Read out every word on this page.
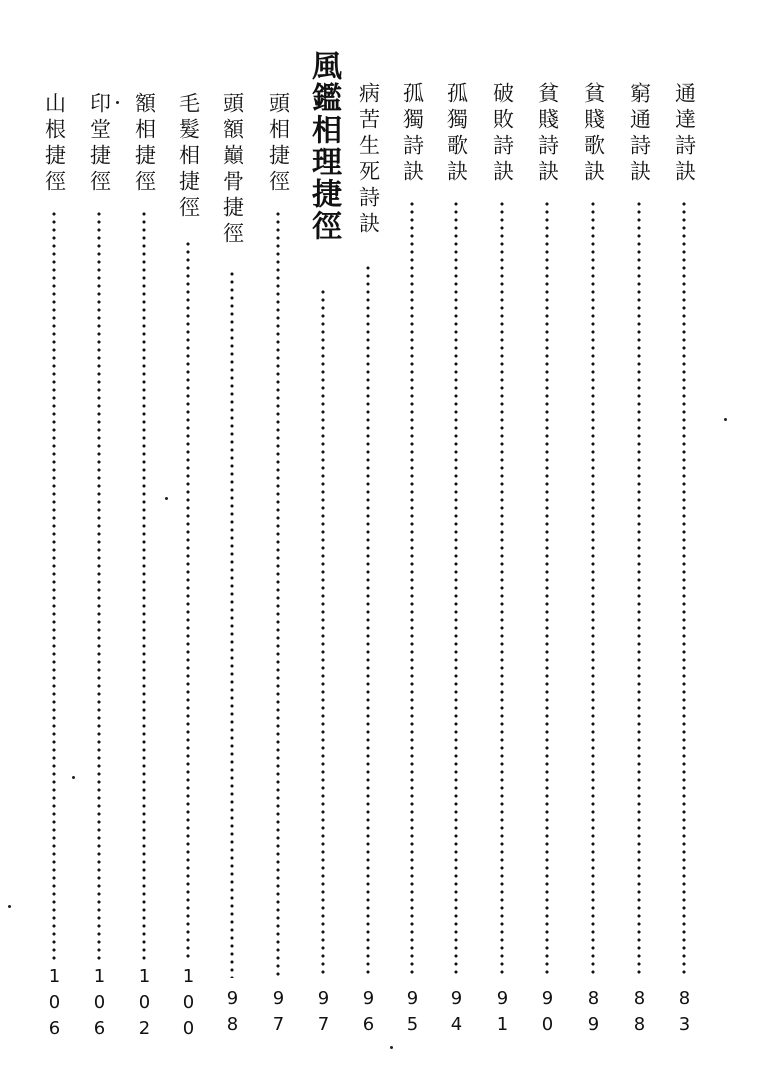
通達詩訣
83
窮通詩訣
88
貧賤歌訣
89
貧賤詩訣
90
破敗詩訣
91
孤獨歌訣
94
孤獨詩訣
95
病苦生死詩訣
96
風鑑相理捷徑
97
頭相捷徑
97
頭額巔骨捷徑
98
毛髮相捷徑
100
額相捷徑
102
印堂捷徑
106
山根捷徑
106
